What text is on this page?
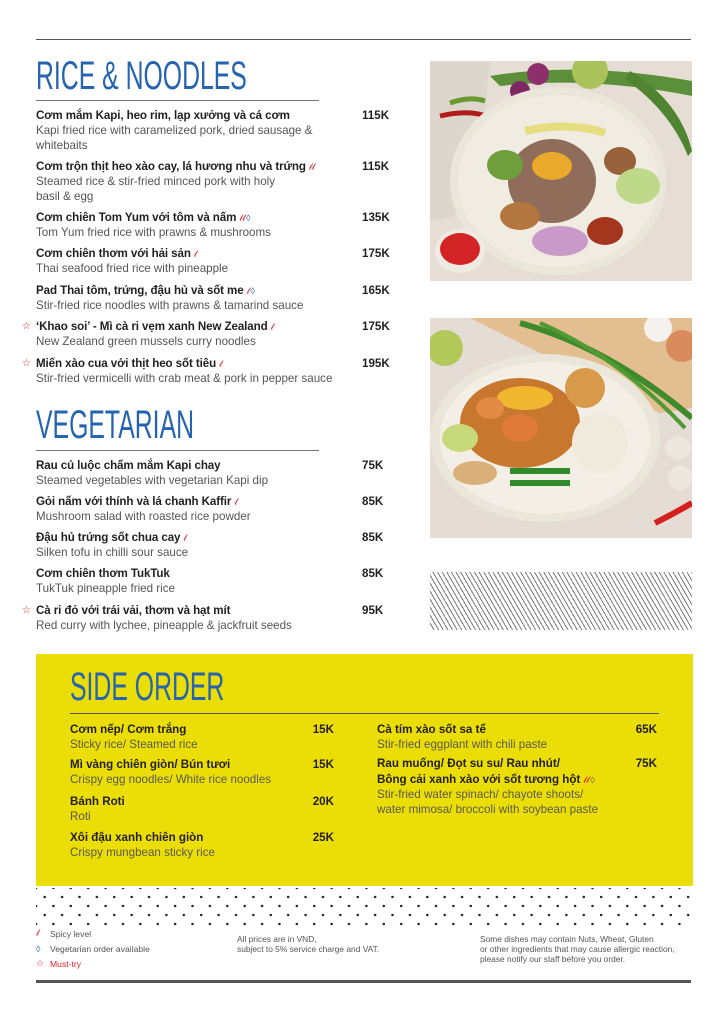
RICE & NOODLES
Cơm mắm Kapi, heo rim, lạp xưởng và cá cơm	115K
Kapi fried rice with caramelized pork, dried sausage & whitebaits
Cơm trộn thịt heo xào cay, lá hương nhu và trứng 𝓁𝓁	115K
Steamed rice & stir-fried minced pork with holy basil & egg
Cơm chiên Tom Yum với tôm và nấm 𝓁𝓁◊	135K
Tom Yum fried rice with prawns & mushrooms
Cơm chiên thơm với hải sản 𝓁	175K
Thai seafood fried rice with pineapple
Pad Thai tôm, trứng, đậu hủ và sốt me 𝓁◊	165K
Stir-fried rice noodles with prawns & tamarind sauce
☆ ‘Khao soi’ - Mì cà ri vẹm xanh New Zealand 𝓁	175K
New Zealand green mussels curry noodles
☆ Miến xào cua với thịt heo sốt tiêu 𝓁	195K
Stir-fried vermicelli with crab meat & pork in pepper sauce
VEGETARIAN
Rau củ luộc chấm mắm Kapi chay	75K
Steamed vegetables with vegetarian Kapi dip
Gỏi nấm với thính và lá chanh Kaffir 𝓁	85K
Mushroom salad with roasted rice powder
Đậu hủ trứng sốt chua cay 𝓁	85K
Silken tofu in chilli sour sauce
Cơm chiên thơm TukTuk	85K
TukTuk pineapple fried rice
☆ Cà ri đỏ với trái vải, thơm và hạt mít	95K
Red curry with lychee, pineapple & jackfruit seeds
SIDE ORDER
Cơm nếp/ Cơm trắng	15K
Sticky rice/ Steamed rice
Mì vàng chiên giòn/ Bún tươi	15K
Crispy egg noodles/ White rice noodles
Bánh Roti	20K
Roti
Xôi đậu xanh chiên giòn	25K
Crispy mungbean sticky rice
Cà tím xào sốt sa tế	65K
Stir-fried eggplant with chili paste
Rau muống/ Đọt su su/ Rau nhút/	75K
Bông cải xanh xào với sốt tương hột 𝓁𝓁◊
Stir-fried water spinach/ chayote shoots/
water mimosa/ broccoli with soybean paste
𝓁	Spicy level
◊	Vegetarian order available
☆ Must-try
All prices are in VND,
subject to 5% service charge and VAT.
Some dishes may contain Nuts, Wheat, Gluten
or other ingredients that may cause allergic reaction,
please notify our staff before you order.
